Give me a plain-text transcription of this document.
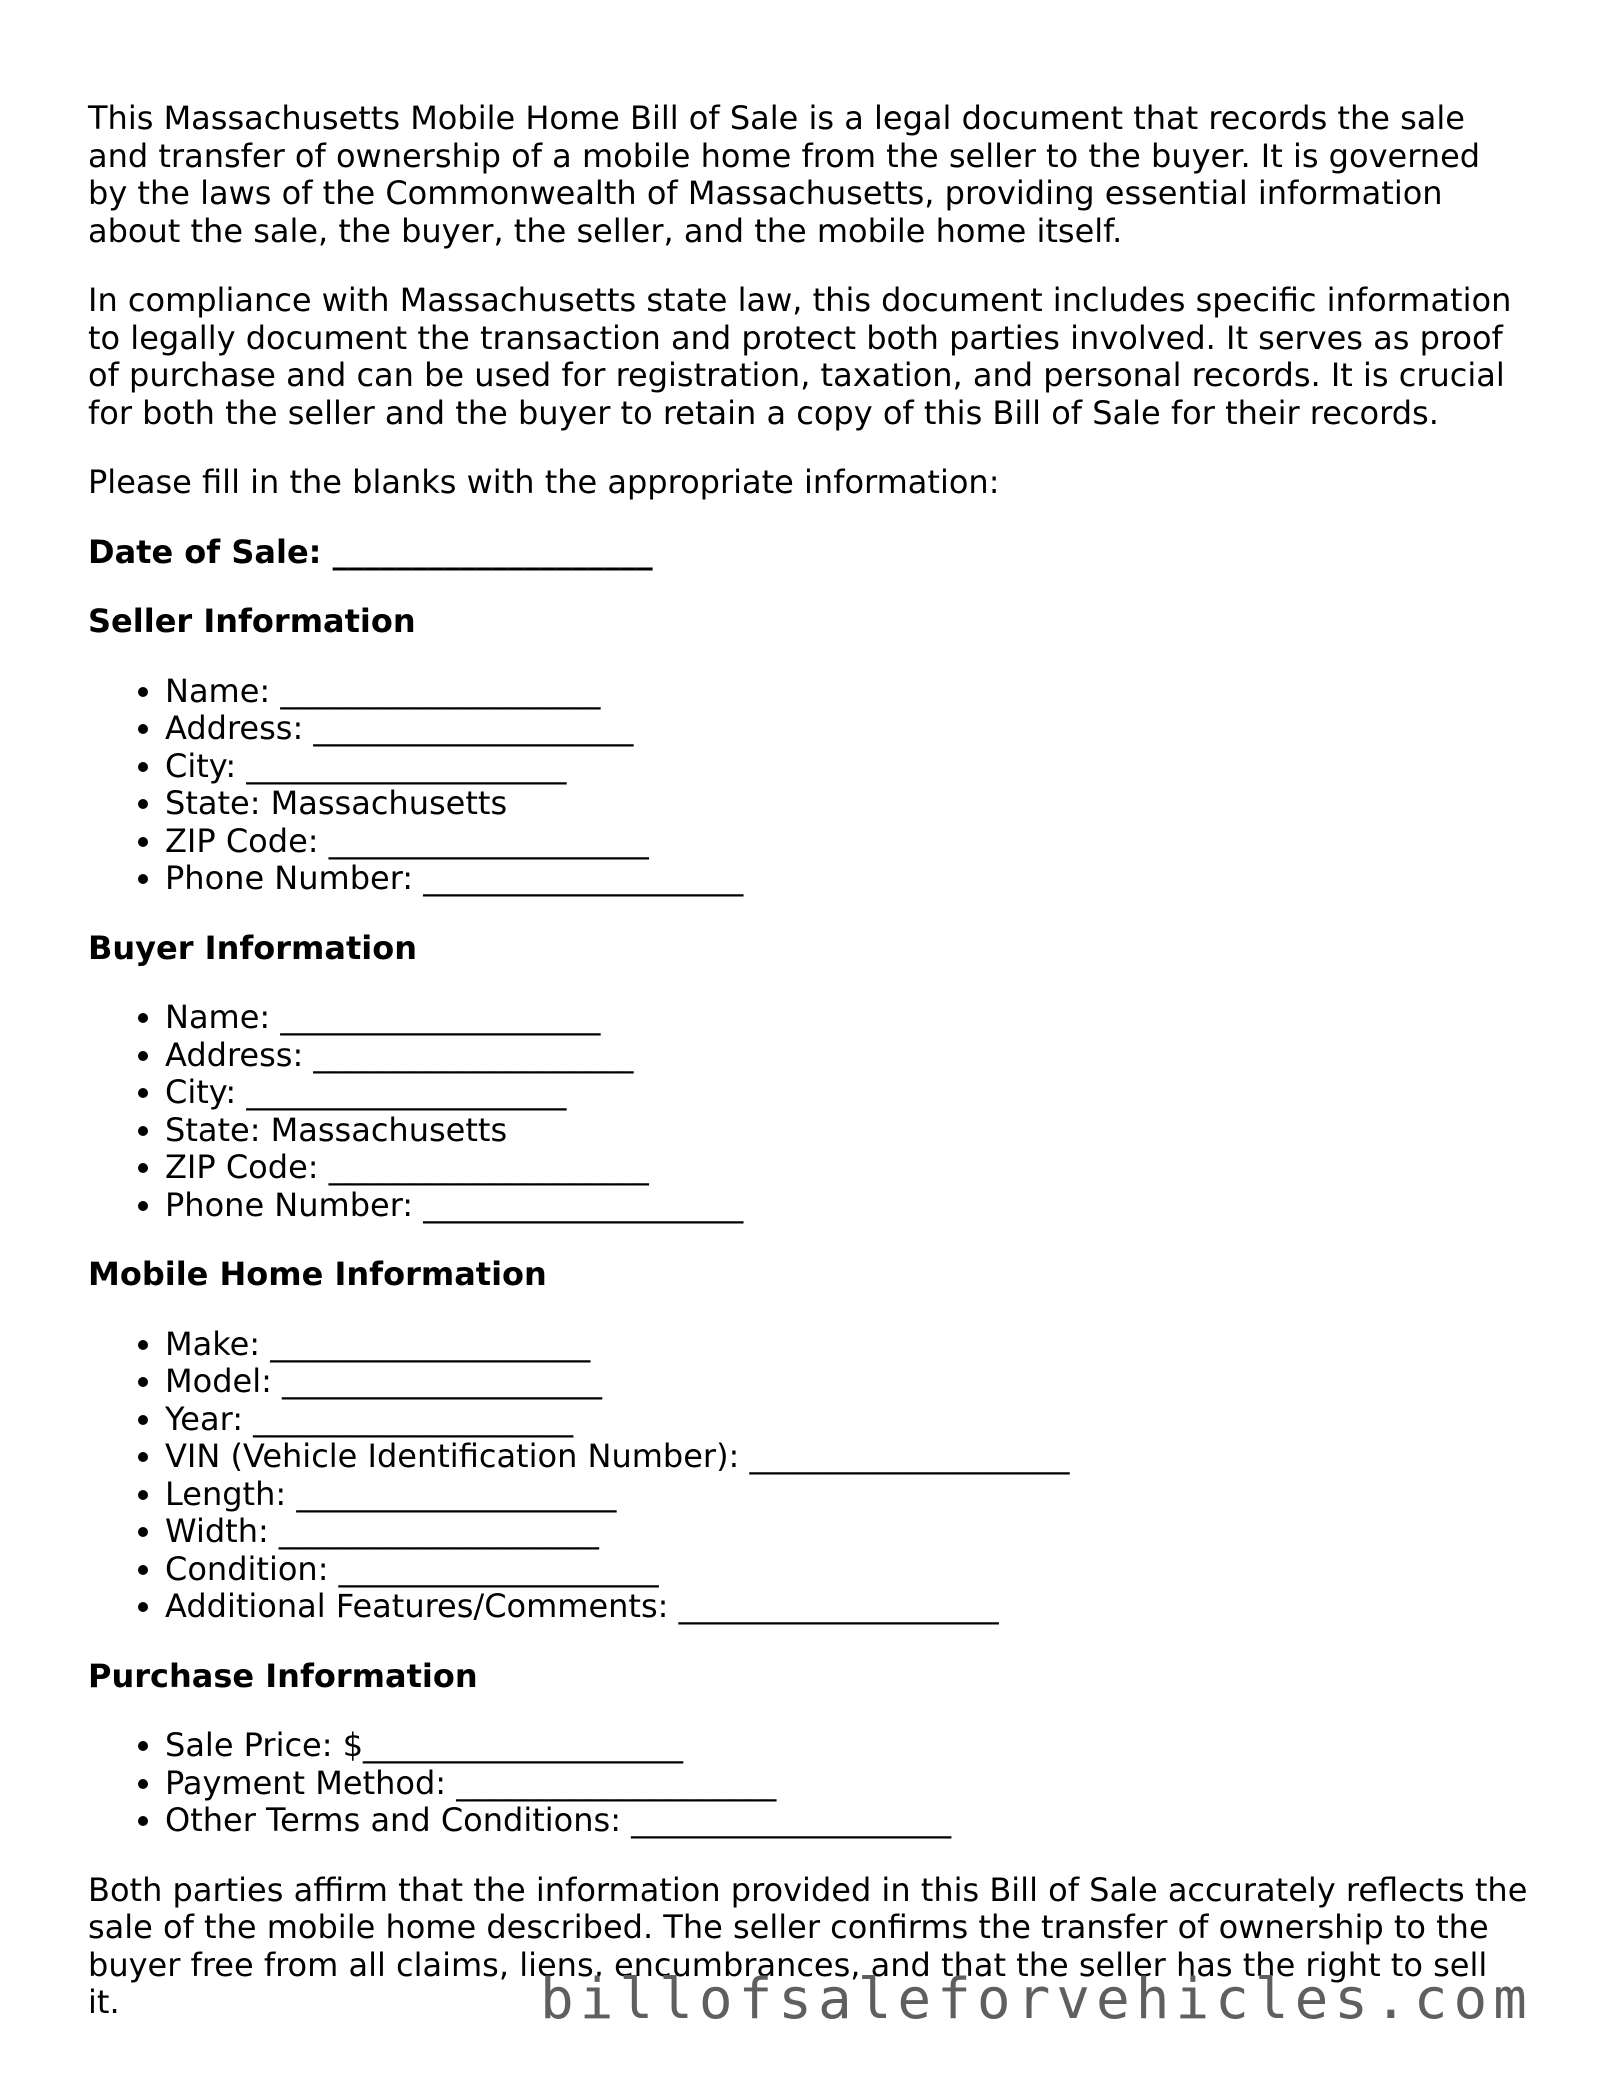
This Massachusetts Mobile Home Bill of Sale is a legal document that records the sale and transfer of ownership of a mobile home from the seller to the buyer. It is governed by the laws of the Commonwealth of Massachusetts, providing essential information about the sale, the buyer, the seller, and the mobile home itself.

In compliance with Massachusetts state law, this document includes specific information to legally document the transaction and protect both parties involved. It serves as proof of purchase and can be used for registration, taxation, and personal records. It is crucial for both the seller and the buyer to retain a copy of this Bill of Sale for their records.

Please fill in the blanks with the appropriate information:

Date of Sale: ____________________
Seller Information
• Name: ____________________
• Address: ____________________
• City: ____________________
• State: Massachusetts
• ZIP Code: ____________________
• Phone Number: ____________________
Buyer Information
• Name: ____________________
• Address: ____________________
• City: ____________________
• State: Massachusetts
• ZIP Code: ____________________
• Phone Number: ____________________
Mobile Home Information
• Make: ____________________
• Model: ____________________
• Year: ____________________
• VIN (Vehicle Identification Number): ____________________
• Length: ____________________
• Width: ____________________
• Condition: ____________________
• Additional Features/Comments: ____________________
Purchase Information
• Sale Price: $____________________
• Payment Method: ____________________
• Other Terms and Conditions: ____________________

Both parties affirm that the information provided in this Bill of Sale accurately reflects the sale of the mobile home described. The seller confirms the transfer of ownership to the buyer free from all claims, liens, encumbrances, and that the seller has the right to sell it.	billofsaleforvehicles.com
